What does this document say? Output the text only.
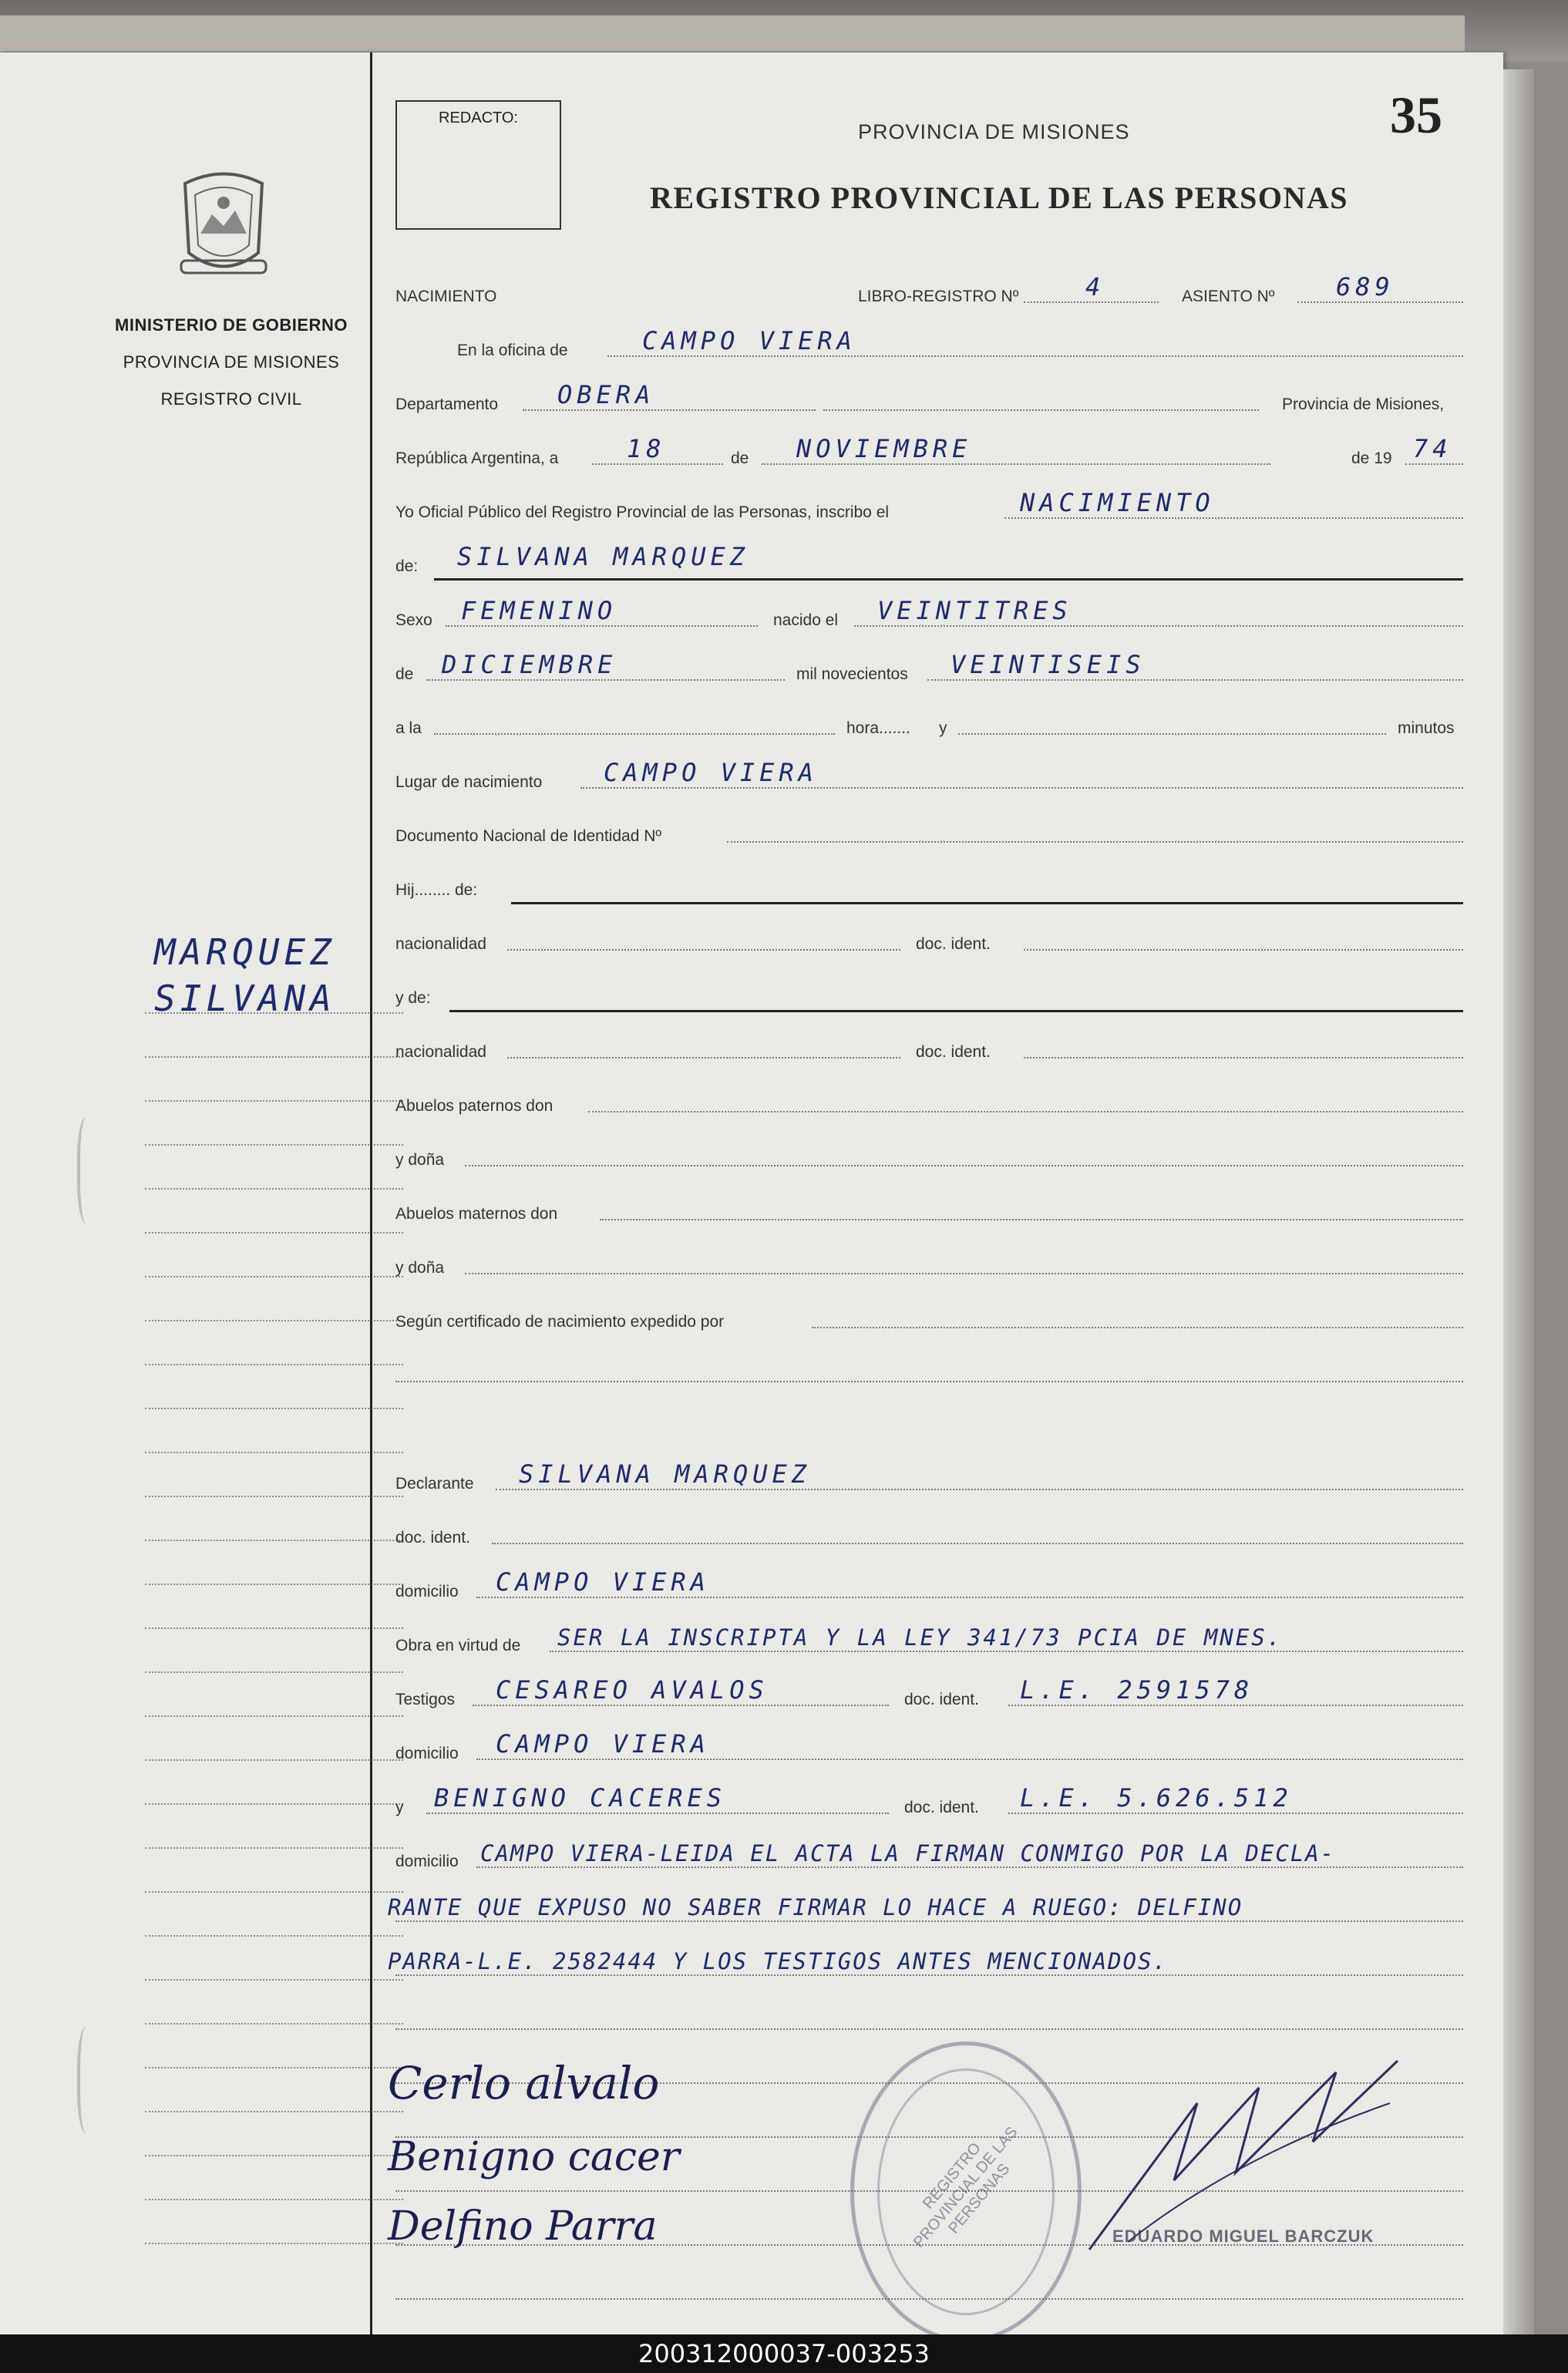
MINISTERIO DE GOBIERNO
PROVINCIA DE MISIONES
REGISTRO CIVIL
MARQUEZ
SILVANA
REDACTO:
PROVINCIA DE MISIONES
REGISTRO PROVINCIAL DE LAS PERSONAS
35
NACIMIENTO	LIBRO-REGISTRO Nº	4	ASIENTO Nº 689
En la oficina de	CAMPO VIERA
Departamento OBERA	Provincia de Misiones,
República Argentina, a	18	de NOVIEMBRE	de 19 74
Yo Oficial Público del Registro Provincial de las Personas, inscribo el	NACIMIENTO
de: SILVANA MARQUEZ
Sexo FEMENINO	nacido el VEINTITRES
de DICIEMBRE	mil novecientos VEINTISEIS
a la	hora....... y	minutos
Lugar de nacimiento CAMPO VIERA
Documento Nacional de Identidad Nº
Hij........ de:
nacionalidad	doc. ident.
y de:
nacionalidad	doc. ident.
Abuelos paternos don
y doña
Abuelos maternos don
y doña
Según certificado de nacimiento expedido por
Declarante SILVANA MARQUEZ
doc. ident.
domicilio CAMPO VIERA
Obra en virtud de SER LA INSCRIPTA Y LA LEY 341/73 PCIA DE MNES.
Testigos CESAREO AVALOS	doc. ident. L.E. 2591578
domicilio CAMPO VIERA
y BENIGNO CACERES	doc. ident. L.E. 5.626.512
domicilio CAMPO VIERA-LEIDA EL ACTA LA FIRMAN CONMIGO POR LA DECLA-
RANTE QUE EXPUSO NO SABER FIRMAR LO HACE A RUEGO: DELFINO
PARRA-L.E. 2582444 Y LOS TESTIGOS ANTES MENCIONADOS.
REGISTRO PROVINCIAL DE LAS PERSONAS
Cerlo alvalo
Benigno cacer
Delfino Parra	EDUARDO MIGUEL BARCZUK
200312000037-003253
